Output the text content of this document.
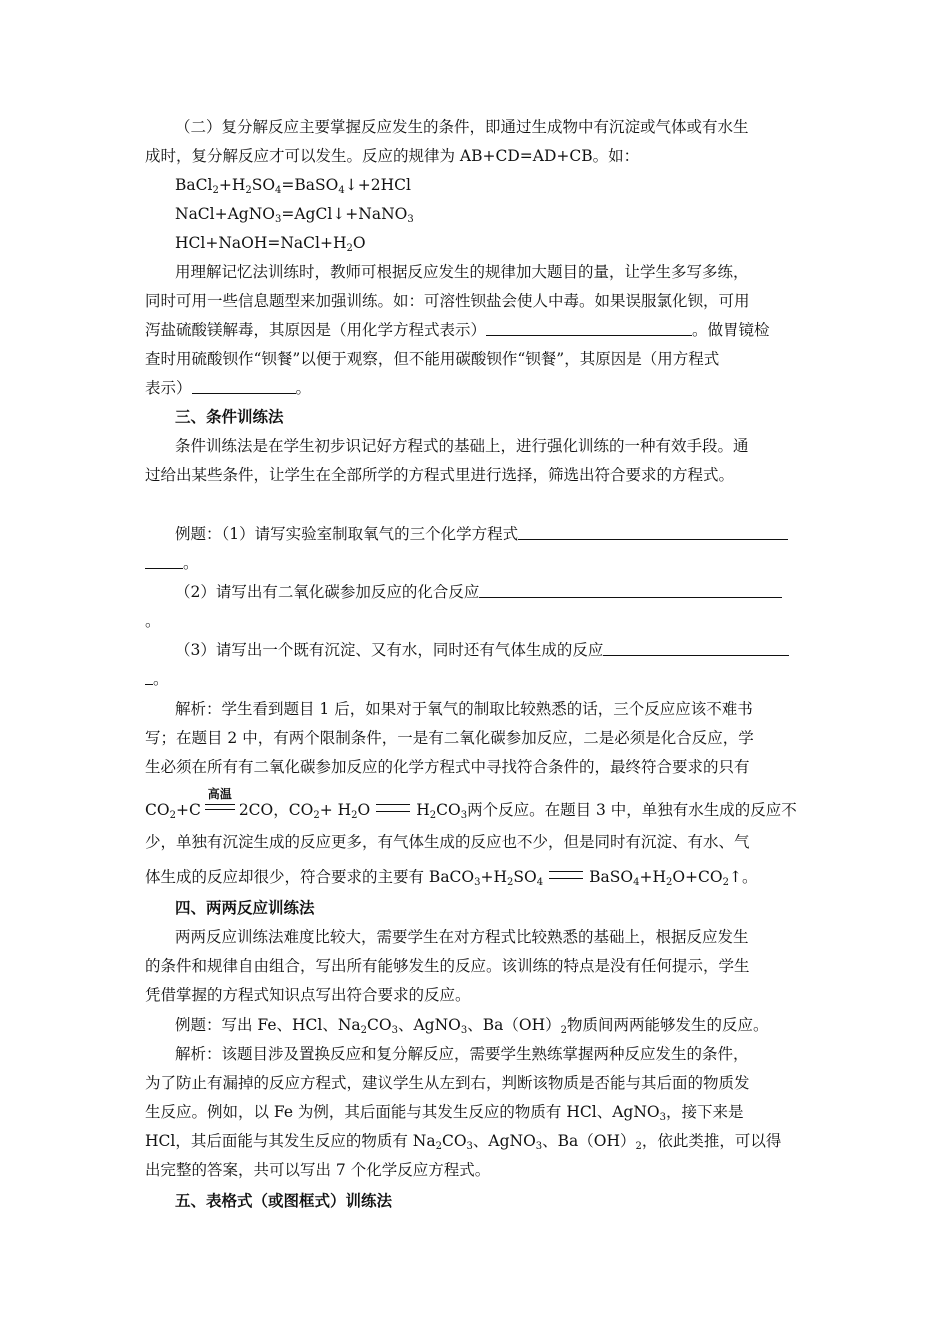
（二）复分解反应主要掌握反应发生的条件，即通过生成物中有沉淀或气体或有水生
成时，复分解反应才可以发生。反应的规律为 AB+CD=AD+CB。如：
$BaCl_2+H_2SO_4=BaSO_4↓+2HCl$
NaCl+AgNO$_3$=AgCl↓+NaNO$_3$
$HCl+NaOH=NaCl+H_2O$
用理解记忆法训练时，教师可根据反应发生的规律加大题目的量，让学生多写多练，
同时可用一些信息题型来加强训练。如：可溶性钡盐会使人中毒。如果误服氯化钡，可用
泻盐硫酸镁解毒，其原因是（用化学方程式表示）	。做胃镜检
查时用硫酸钡作“钡餐”以便于观察，但不能用碳酸钡作“钡餐”，其原因是（用方程式
表示）	。
三、条件训练法
条件训练法是在学生初步识记好方程式的基础上，进行强化训练的一种有效手段。通
过给出某些条件，让学生在全部所学的方程式里进行选择，筛选出符合要求的方程式。
例题：（1）请写实验室制取氧气的三个化学方程式
。
（2）请写出有二氧化碳参加反应的化合反应
。
（3）请写出一个既有沉淀、又有水，同时还有气体生成的反应
。
解析：学生看到题目 1 后，如果对于氧气的制取比较熟悉的话，三个反应应该不难书
写；在题目 2 中，有两个限制条件，一是有二氧化碳参加反应，二是必须是化合反应，学
生必须在所有有二氧化碳参加反应的化学方程式中寻找符合条件的，最终符合要求的只有
$CO_2+C$
高温
2CO，$CO_2+ H_2O$	$H_2CO_3$两个反应。在题目 3 中，单独有水生成的反应不
少，单独有沉淀生成的反应更多，有气体生成的反应也不少，但是同时有沉淀、有水、气
体生成的反应却很少，符合要求的主要有 $BaCO_3+H_2SO_4$	$BaSO_4+H_2O+CO_2↑$。
四、两两反应训练法
两两反应训练法难度比较大，需要学生在对方程式比较熟悉的基础上，根据反应发生
的条件和规律自由组合，写出所有能够发生的反应。该训练的特点是没有任何提示，学生
凭借掌握的方程式知识点写出符合要求的反应。
例题：写出 Fe、HCl、$Na_2CO_3$、AgNO$_3$、$Ba(OH)_2$物质间两两能够发生的反应。
解析：该题目涉及置换反应和复分解反应，需要学生熟练掌握两种反应发生的条件，
为了防止有漏掉的反应方程式，建议学生从左到右，判断该物质是否能与其后面的物质发
生反应。例如，以 Fe 为例，其后面能与其发生反应的物质有 HCl、AgNO$_3$，接下来是
HCl，其后面能与其发生反应的物质有 $Na_2CO_3$、AgNO$_3$、$Ba(OH)_2$，依此类推，可以得
出完整的答案，共可以写出 7 个化学反应方程式。
五、表格式（或图框式）训练法
